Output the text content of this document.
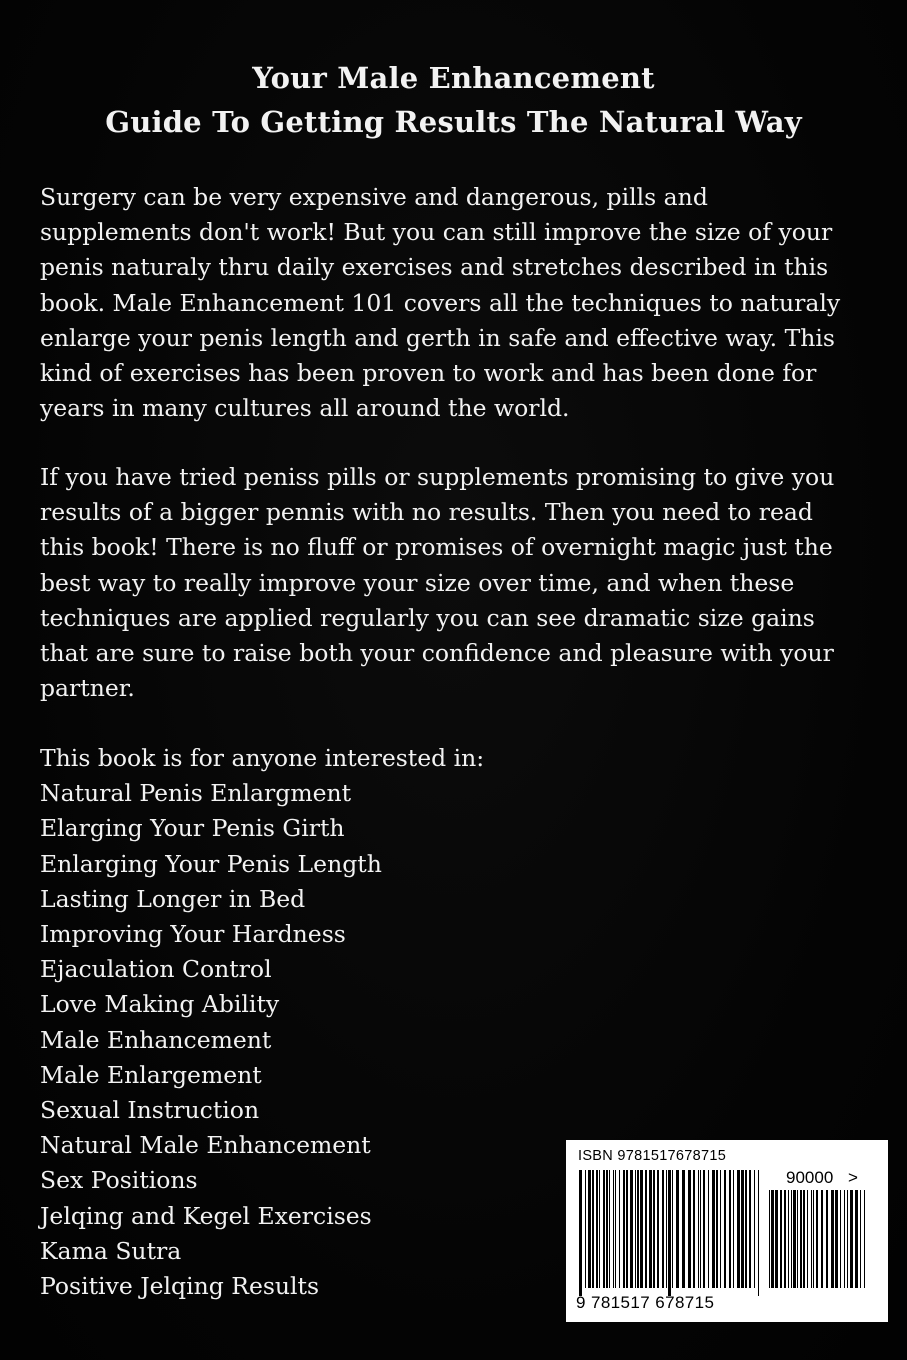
Your Male Enhancement
Guide To Getting Results The Natural Way
Surgery can be very expensive and dangerous, pills and
supplements don't work! But you can still improve the size of your
penis naturaly thru daily exercises and stretches described in this
book. Male Enhancement 101 covers all the techniques to naturaly
enlarge your penis length and gerth in safe and effective way. This
kind of exercises has been proven to work and has been done for
years in many cultures all around the world.
If you have tried peniss pills or supplements promising to give you
results of a bigger pennis with no results. Then you need to read
this book! There is no fluff or promises of overnight magic just the
best way to really improve your size over time, and when these
techniques are applied regularly you can see dramatic size gains
that are sure to raise both your confidence and pleasure with your
partner.
This book is for anyone interested in:
Natural Penis Enlargment
Elarging Your Penis Girth
Enlarging Your Penis Length
Lasting Longer in Bed
Improving Your Hardness
Ejaculation Control
Love Making Ability
Male Enhancement
Male Enlargement
Sexual Instruction
Natural Male Enhancement
Sex Positions
Jelqing and Kegel Exercises
Kama Sutra
Positive Jelqing Results
ISBN 9781517678715
90000 >
9 781517 678715
